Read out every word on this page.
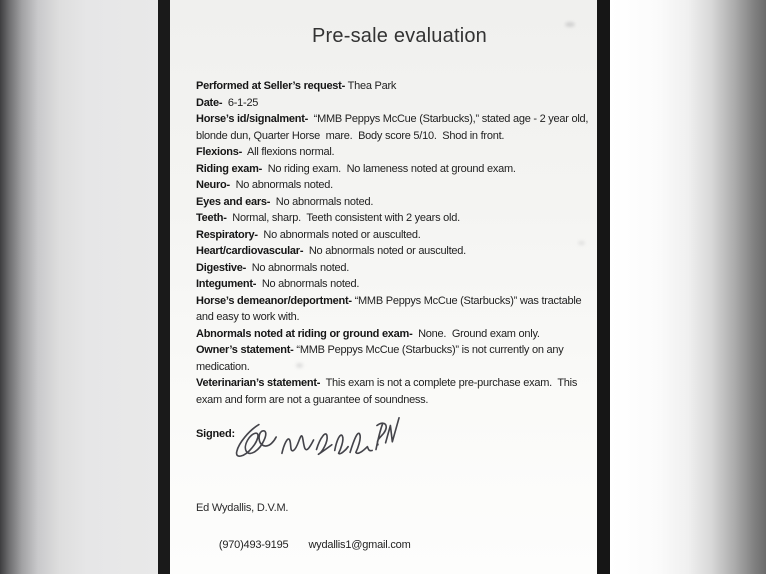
Pre-sale evaluation

Performed at Seller’s request- Thea Park

Date-  6-1-25

Horse’s id/signalment-  “MMB Peppys McCue (Starbucks),” stated age - 2 year old,
blonde dun, Quarter Horse  mare.  Body score 5/10.  Shod in front.

Flexions-  All flexions normal.

Riding exam-  No riding exam.  No lameness noted at ground exam.

Neuro-  No abnormals noted.

Eyes and ears-  No abnormals noted.

Teeth-  Normal, sharp.  Teeth consistent with 2 years old.

Respiratory-  No abnormals noted or ausculted.

Heart/cardiovascular-  No abnormals noted or ausculted.

Digestive-  No abnormals noted.

Integument-  No abnormals noted.

Horse’s demeanor/deportment- “MMB Peppys McCue (Starbucks)” was tractable
and easy to work with.

Abnormals noted at riding or ground exam-  None.  Ground exam only.

Owner’s statement- “MMB Peppys McCue (Starbucks)” is not currently on any
medication.

Veterinarian’s statement-  This exam is not a complete pre-purchase exam.  This
exam and form are not a guarantee of soundness.

Signed:
Ed Wydallis, D.V.M.

(970)493-9195 wydallis1@gmail.com
